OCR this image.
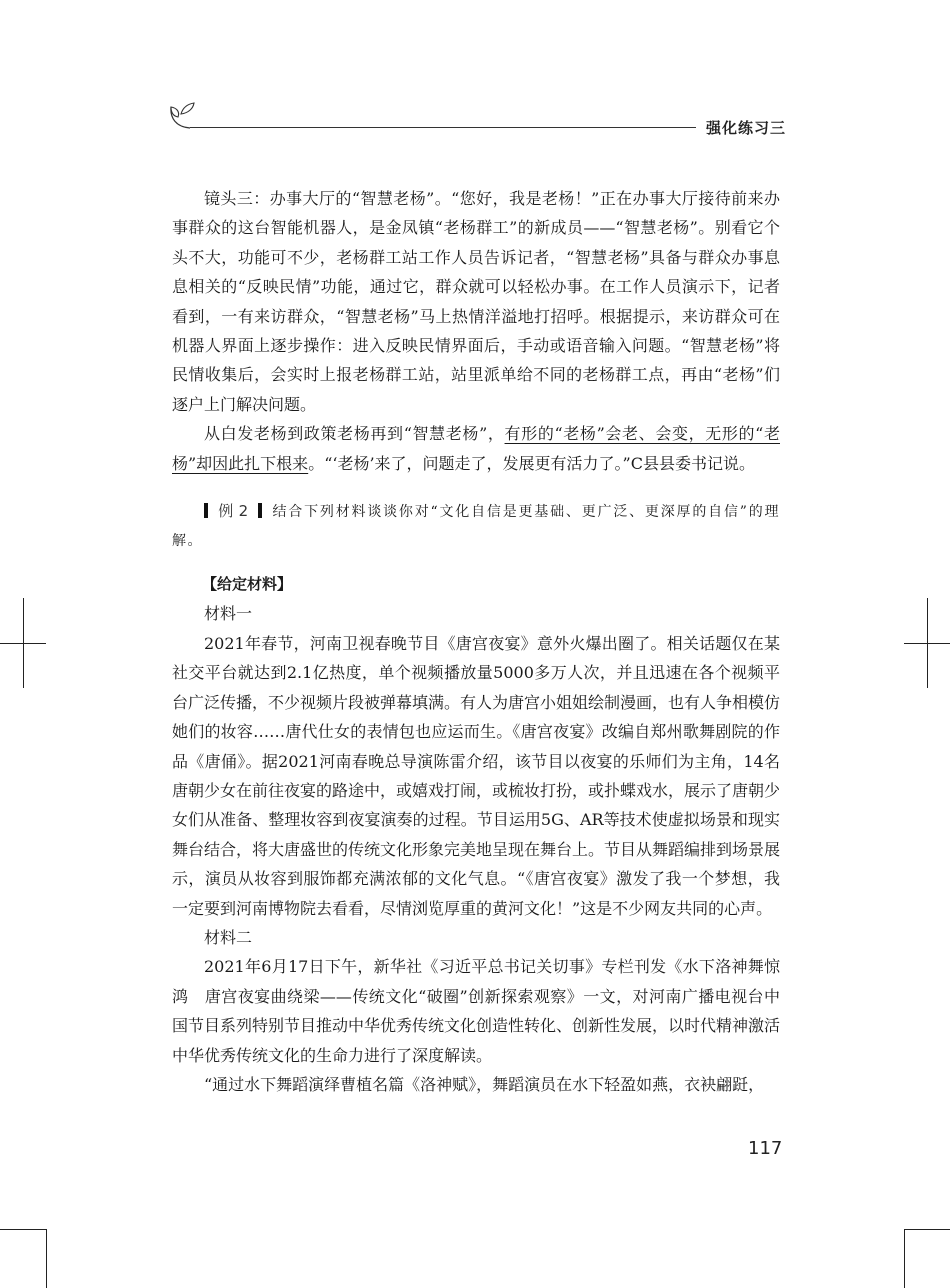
强化练习三

镜头三：办事大厅的“智慧老杨”。“您好，我是老杨！”正在办事大厅接待前来办事群众的这台智能机器人，是金凤镇“老杨群工”的新成员——“智慧老杨”。别看它个头不大，功能可不少，老杨群工站工作人员告诉记者，“智慧老杨”具备与群众办事息息相关的“反映民情”功能，通过它，群众就可以轻松办事。在工作人员演示下，记者看到，一有来访群众，“智慧老杨”马上热情洋溢地打招呼。根据提示，来访群众可在机器人界面上逐步操作：进入反映民情界面后，手动或语音输入问题。“智慧老杨”将民情收集后，会实时上报老杨群工站，站里派单给不同的老杨群工点，再由“老杨”们逐户上门解决问题。

从白发老杨到政策老杨再到“智慧老杨”，有形的“老杨”会老、会变，无形的“老杨”却因此扎下根来。“‘老杨’来了，问题走了，发展更有活力了。”C县县委书记说。

例 2 结合下列材料谈谈你对“文化自信是更基础、更广泛、更深厚的自信”的理解。

【给定材料】

材料一

2021年春节，河南卫视春晚节目《唐宫夜宴》意外火爆出圈了。相关话题仅在某社交平台就达到2.1亿热度，单个视频播放量5000多万人次，并且迅速在各个视频平台广泛传播，不少视频片段被弹幕填满。有人为唐宫小姐姐绘制漫画，也有人争相模仿她们的妆容……唐代仕女的表情包也应运而生。《唐宫夜宴》改编自郑州歌舞剧院的作品《唐俑》。据2021河南春晚总导演陈雷介绍，该节目以夜宴的乐师们为主角，14名唐朝少女在前往夜宴的路途中，或嬉戏打闹，或梳妆打扮，或扑蝶戏水，展示了唐朝少女们从准备、整理妆容到夜宴演奏的过程。节目运用5G、AR等技术使虚拟场景和现实舞台结合，将大唐盛世的传统文化形象完美地呈现在舞台上。节目从舞蹈编排到场景展示，演员从妆容到服饰都充满浓郁的文化气息。“《唐宫夜宴》激发了我一个梦想，我一定要到河南博物院去看看，尽情浏览厚重的黄河文化！”这是不少网友共同的心声。

材料二

2021年6月17日下午，新华社《习近平总书记关切事》专栏刊发《水下洛神舞惊鸿　唐宫夜宴曲绕梁——传统文化“破圈”创新探索观察》一文，对河南广播电视台中国节目系列特别节目推动中华优秀传统文化创造性转化、创新性发展，以时代精神激活中华优秀传统文化的生命力进行了深度解读。

“通过水下舞蹈演绎曹植名篇《洛神赋》，舞蹈演员在水下轻盈如燕，衣袂翩跹，

117
